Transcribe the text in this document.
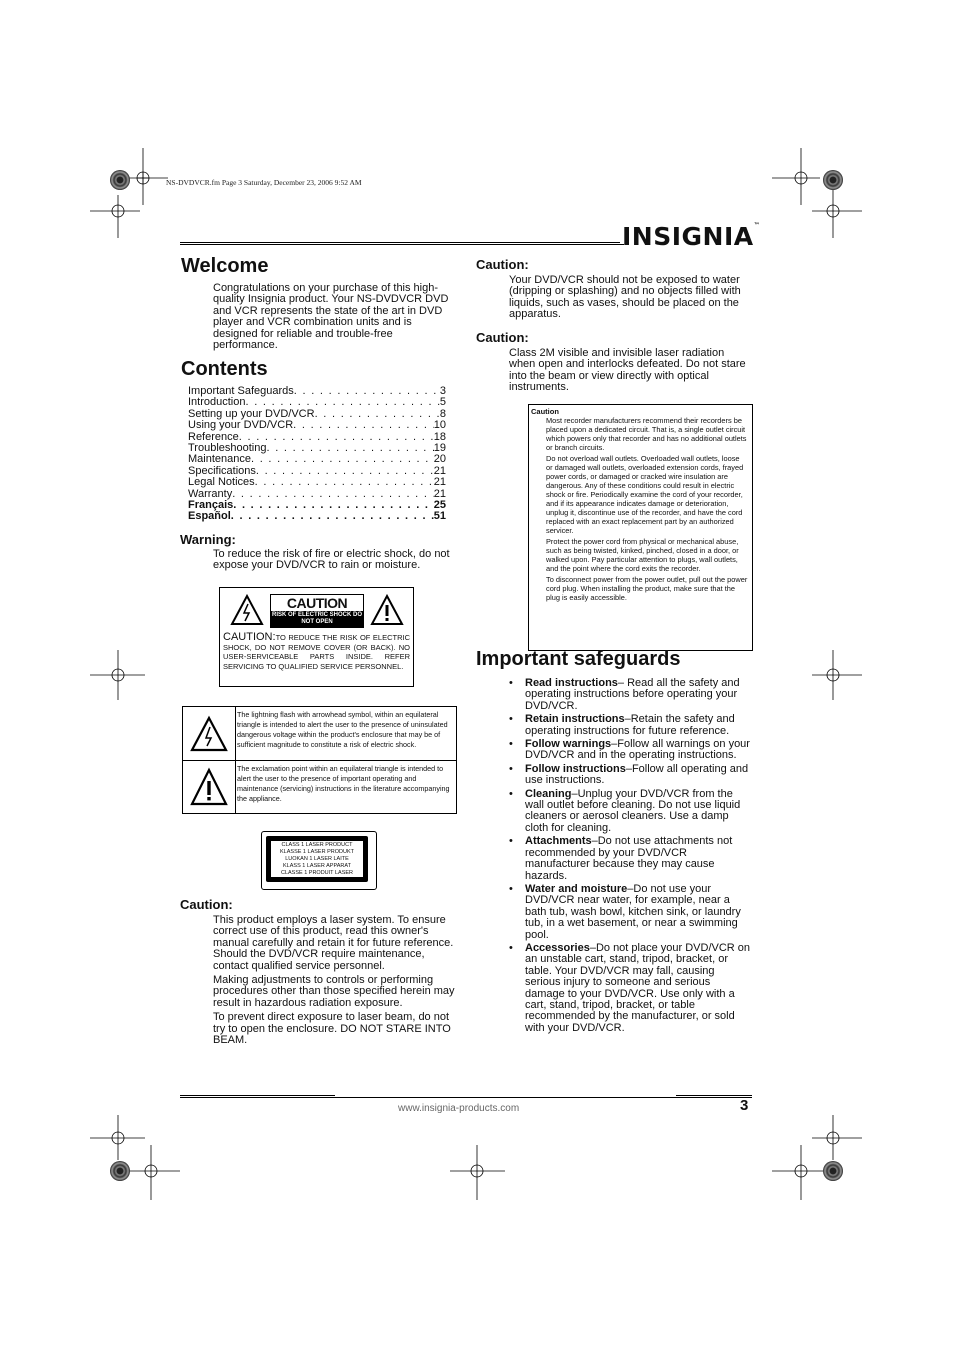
NS-DVDVCR.fm Page 3 Saturday, December 23, 2006 9:52 AM
INSIGNIA™
Welcome
Congratulations on your purchase of this high-quality Insignia product. Your NS-DVDVCR DVD and VCR represents the state of the art in DVD player and VCR combination units and is designed for reliable and trouble-free performance.
Contents
Important Safeguards . . .	3
Introduction . . .	5
Setting up your DVD/VCR . . .	8
Using your DVD/VCR . . .	10
Reference . . .	18
Troubleshooting . . .	19
Maintenance . . .	20
Specifications . . .	21
Legal Notices . . .	21
Warranty . . .	21
Français . . .	25
Español . . .	51
Warning:
To reduce the risk of fire or electric shock, do not expose your DVD/VCR to rain or moisture.
CAUTION
RISK OF ELECTRIC SHOCK DO NOT OPEN
CAUTION:TO REDUCE THE RISK OF ELECTRIC SHOCK, DO NOT REMOVE COVER (OR BACK). NO USER-SERVICEABLE PARTS INSIDE. REFER SERVICING TO QUALIFIED SERVICE PERSONNEL.
The lightning flash with arrowhead symbol, within an equilateral triangle is intended to alert the user to the presence of uninsulated dangerous voltage within the product's enclosure that may be of sufficient magnitude to constitute a risk of electric shock.
The exclamation point within an equilateral triangle is intended to alert the user to the presence of important operating and maintenance (servicing) instructions in the literature accompanying the appliance.
CLASS 1 LASER PRODUCT
KLASSE 1 LASER PRODUKT
LUOKAN 1 LASER LAITE
KLASS 1 LASER APPARAT
CLASSE 1 PRODUIT LASER
Caution:

This product employs a laser system. To ensure correct use of this product, read this owner's manual carefully and retain it for future reference. Should the DVD/VCR require maintenance, contact qualified service personnel.

Making adjustments to controls or performing procedures other than those specified herein may result in hazardous radiation exposure.

To prevent direct exposure to laser beam, do not try to open the enclosure. DO NOT STARE INTO BEAM.

Caution:
Your DVD/VCR should not be exposed to water (dripping or splashing) and no objects filled with liquids, such as vases, should be placed on the apparatus.
Caution:
Class 2M visible and invisible laser radiation when open and interlocks defeated. Do not stare into the beam or view directly with optical instruments.
Caution

Most recorder manufacturers recommend their recorders be placed upon a dedicated circuit. That is, a single outlet circuit which powers only that recorder and has no additional outlets or branch circuits.

Do not overload wall outlets. Overloaded wall outlets, loose or damaged wall outlets, overloaded extension cords, frayed power cords, or damaged or cracked wire insulation are dangerous. Any of these conditions could result in electric shock or fire. Periodically examine the cord of your recorder, and if its appearance indicates damage or deterioration, unplug it, discontinue use of the recorder, and have the cord replaced with an exact replacement part by an authorized servicer.

Protect the power cord from physical or mechanical abuse, such as being twisted, kinked, pinched, closed in a door, or walked upon. Pay particular attention to plugs, wall outlets, and the point where the cord exits the recorder.

To disconnect power from the power outlet, pull out the power cord plug. When installing the product, make sure that the plug is easily accessible.

Important safeguards
• Read instructions– Read all the safety and operating instructions before operating your DVD/VCR.
• Retain instructions–Retain the safety and operating instructions for future reference.
• Follow warnings–Follow all warnings on your DVD/VCR and in the operating instructions.
• Follow instructions–Follow all operating and use instructions.
• Cleaning–Unplug your DVD/VCR from the wall outlet before cleaning. Do not use liquid cleaners or aerosol cleaners. Use a damp cloth for cleaning.
• Attachments–Do not use attachments not recommended by your DVD/VCR manufacturer because they may cause hazards.
• Water and moisture–Do not use your DVD/VCR near water, for example, near a bath tub, wash bowl, kitchen sink, or laundry tub, in a wet basement, or near a swimming pool.
• Accessories–Do not place your DVD/VCR on an unstable cart, stand, tripod, bracket, or table. Your DVD/VCR may fall, causing serious injury to someone and serious damage to your DVD/VCR. Use only with a cart, stand, tripod, bracket, or table recommended by the manufacturer, or sold with your DVD/VCR.
www.insignia-products.com	3
